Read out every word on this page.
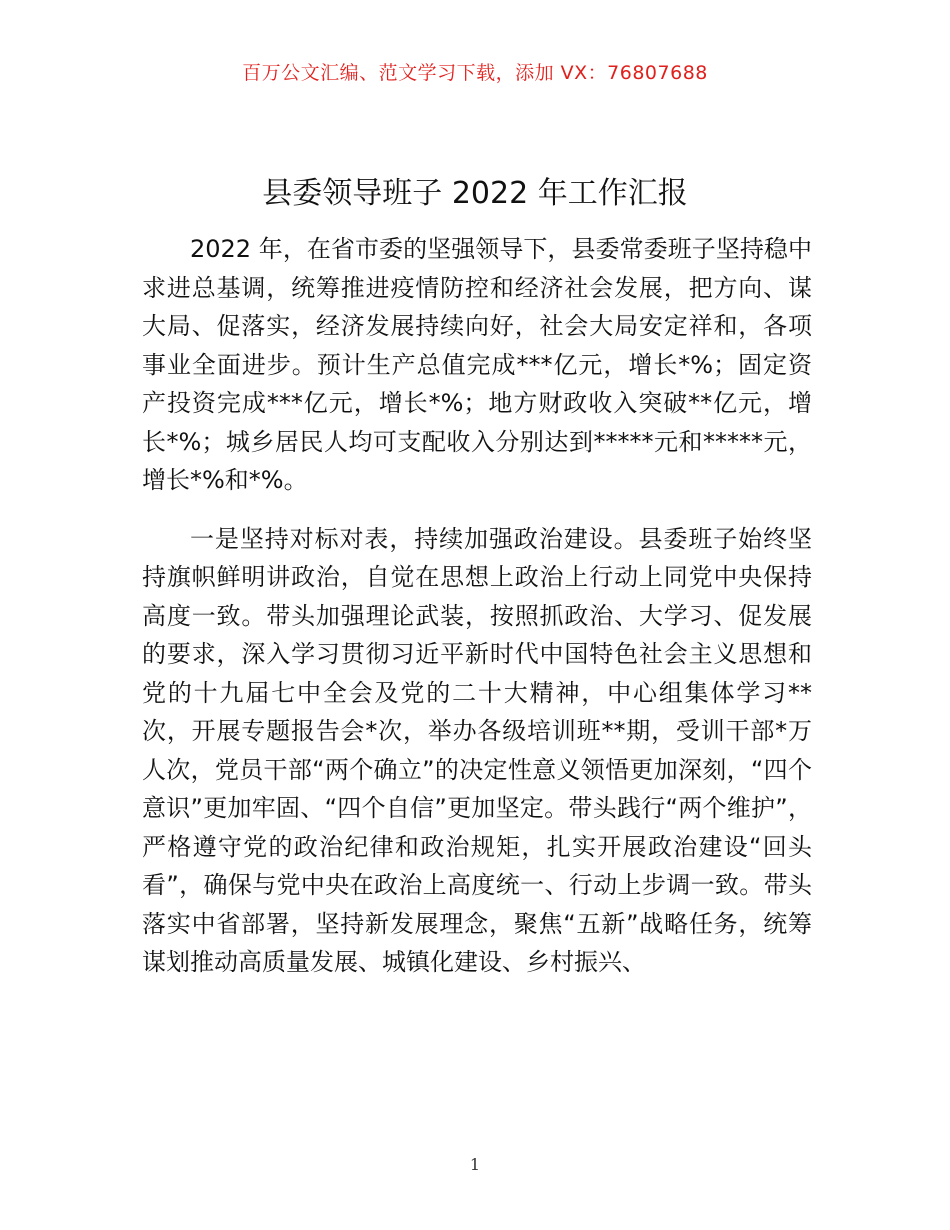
百万公文汇编、范文学习下载，添加 VX：76807688
县委领导班子 2022 年工作汇报

2022 年，在省市委的坚强领导下，县委常委班子坚持稳中求进总基调，统筹推进疫情防控和经济社会发展，把方向、谋大局、促落实，经济发展持续向好，社会大局安定祥和，各项事业全面进步。预计生产总值完成***亿元，增长*%；固定资产投资完成***亿元，增长*%；地方财政收入突破**亿元，增长*%；城乡居民人均可支配收入分别达到*****元和*****元，增长*%和*%。

一是坚持对标对表，持续加强政治建设。县委班子始终坚持旗帜鲜明讲政治，自觉在思想上政治上行动上同党中央保持高度一致。带头加强理论武装，按照抓政治、大学习、促发展的要求，深入学习贯彻习近平新时代中国特色社会主义思想和党的十九届七中全会及党的二十大精神，中心组集体学习**次，开展专题报告会*次，举办各级培训班**期，受训干部*万人次，党员干部“两个确立”的决定性意义领悟更加深刻，“四个意识”更加牢固、“四个自信”更加坚定。带头践行“两个维护”，严格遵守党的政治纪律和政治规矩，扎实开展政治建设“回头看”，确保与党中央在政治上高度统一、行动上步调一致。带头落实中省部署，坚持新发展理念，聚焦“五新”战略任务，统筹谋划推动高质量发展、城镇化建设、乡村振兴、

1
